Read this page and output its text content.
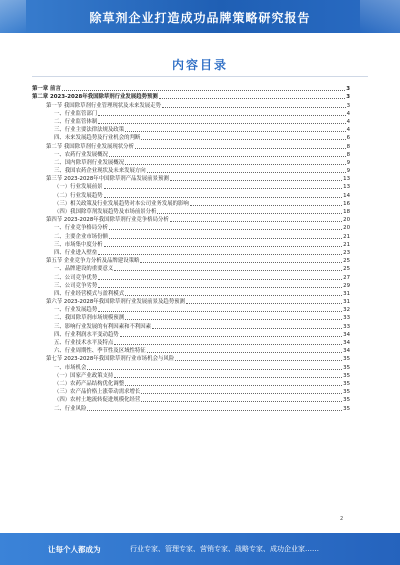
除草剂企业打造成功品牌策略研究报告
内容目录
第一章 前言	3
第二章 2023-2028年我国除草剂行业发展趋势预测	3
第一节 我国除草剂行业管理现状及未来发展走势	3
一、行业监管部门	4
二、行业监管体制	4
三、行业主要法律法规及政策	4
四、未来发展趋势及行业机会的判断	6
第二节 我国除草剂行业发展现状分析	8
一、农药行业发展概况	8
二、国内除草剂行业发展概况	9
三、我国农药企业现状及未来发展方向	9
第三节 2023-2028年中国除草剂产品发展前景预测	13
（一）行业发展前景	13
（二）行业发展趋势	14
（三）相关政策及行业发展趋势对本公司业务发展的影响	16
（四）我国除草剂发展趋势及市场前景分析	18
第四节 2023-2028年我国除草剂行业竞争格局分析	20
一、行业竞争格局分析	20
二、主要企业市场份额	21
三、市场集中度分析	21
四、行业进入壁垒	23
第五节 企业竞争力分析及品牌建设策略	25
一、品牌建设的重要意义	25
二、公司竞争优势	27
三、公司竞争劣势	29
四、行业经营模式与盈利模式	31
第六节 2023-2028年我国除草剂行业发展前景及趋势预测	31
一、行业发展趋势	32
二、我国除草剂市场规模预测	33
三、影响行业发展的有利因素和不利因素	33
四、行业利润水平变动趋势	34
五、行业技术水平及特点	34
六、行业周期性、季节性及区域性特征	34
第七节 2023-2028年我国除草剂行业市场机会与风险	35
一、市场机会	35
（一）国家产业政策支持	35
（二）农药产品结构优化调整	35
（三）农产品价格上涨带动需求增长	35
（四）农村土地流转促进规模化经营	35
二、行业风险	35
2
让每个人都成为	行业专家、管理专家、营销专家、战略专家、成功企业家……
